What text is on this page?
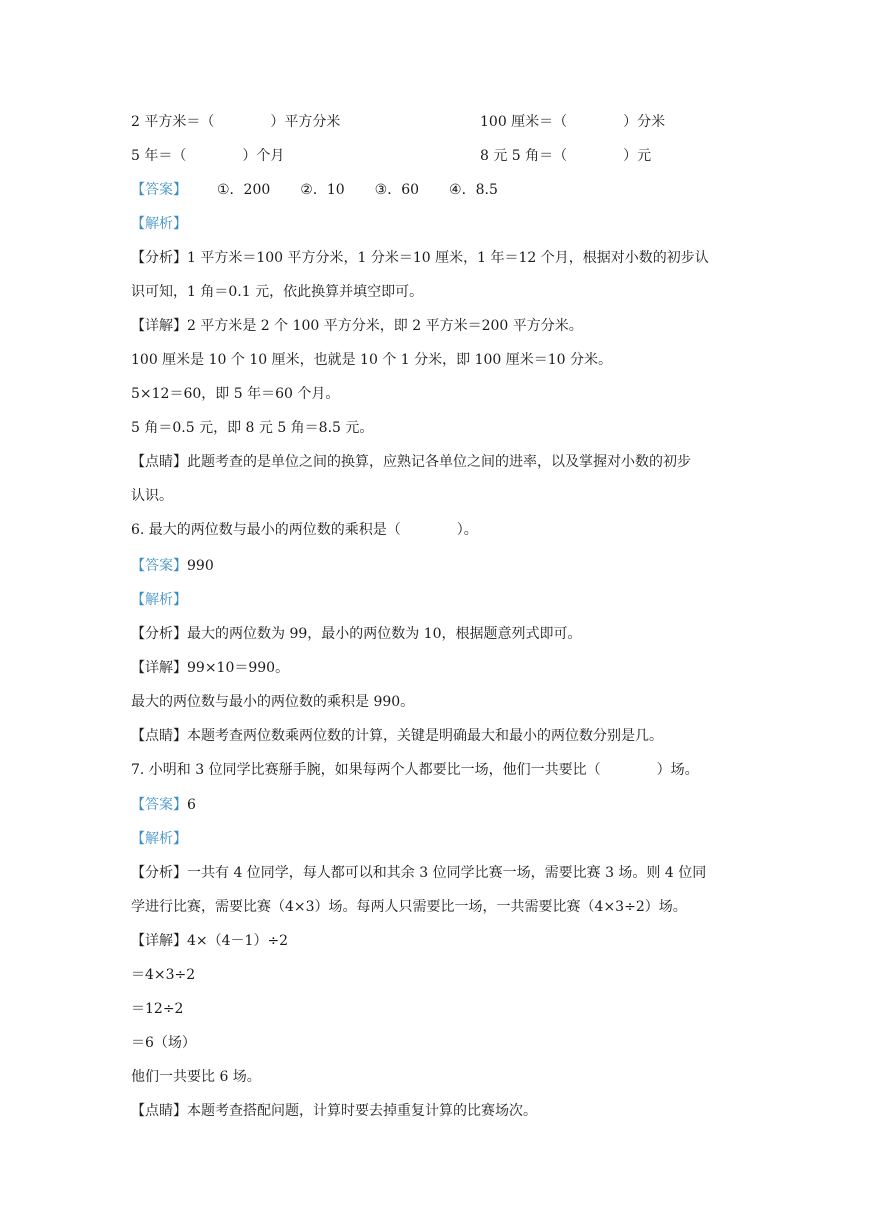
2 平方米＝（　　　　）平方分米	100 厘米＝（　　　　）分米
5 年＝（　　　　）个月	8 元 5 角＝（　　　　）元
【答案】 ①．200 ②．10 ③．60 ④．8.5
【解析】
【分析】1 平方米＝100 平方分米，1 分米＝10 厘米，1 年＝12 个月，根据对小数的初步认
识可知，1 角＝0.1 元，依此换算并填空即可。
【详解】2 平方米是 2 个 100 平方分米，即 2 平方米＝200 平方分米。
100 厘米是 10 个 10 厘米，也就是 10 个 1 分米，即 100 厘米＝10 分米。
5×12＝60，即 5 年＝60 个月。
5 角＝0.5 元，即 8 元 5 角＝8.5 元。
【点睛】此题考查的是单位之间的换算，应熟记各单位之间的进率，以及掌握对小数的初步
认识。
6. 最大的两位数与最小的两位数的乘积是（　　　　）。
【答案】990
【解析】
【分析】最大的两位数为 99，最小的两位数为 10，根据题意列式即可。
【详解】99×10＝990。
最大的两位数与最小的两位数的乘积是 990。
【点睛】本题考查两位数乘两位数的计算，关键是明确最大和最小的两位数分别是几。
7. 小明和 3 位同学比赛掰手腕，如果每两个人都要比一场，他们一共要比（　　　　）场。
【答案】6
【解析】
【分析】一共有 4 位同学，每人都可以和其余 3 位同学比赛一场，需要比赛 3 场。则 4 位同
学进行比赛，需要比赛（4×3）场。每两人只需要比一场，一共需要比赛（4×3÷2）场。
【详解】4×（4－1）÷2
＝4×3÷2
＝12÷2
＝6（场）
他们一共要比 6 场。
【点睛】本题考查搭配问题，计算时要去掉重复计算的比赛场次。
